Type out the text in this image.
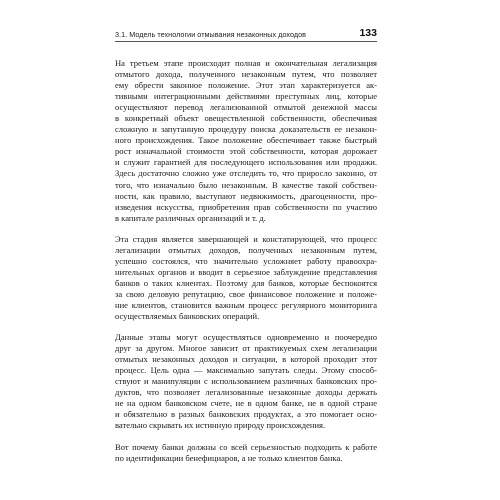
3.1. Модель технологии отмывания незаконных доходов	133
На третьем этапе происходит полная и окончательная легализация
отмытого дохода, полученного незаконным путем, что позволяет
ему обрести законное положение. Этот этап характеризуется ак-
тивными интеграционными действиями преступных лиц, которые
осуществляют перевод легализованной отмытой денежной массы
в конкретный объект овеществленной собственности, обеспечивая
сложную и запутанную процедуру поиска доказательств ее незакон-
ного происхождения. Такое положение обеспечивает также быстрый
рост изначальной стоимости этой собственности, которая дорожает
и служит гарантией для последующего использования или продажи.
Здесь достаточно сложно уже отследить то, что приросло законно, от
того, что изначально было незаконным. В качестве такой собствен-
ности, как правило, выступают недвижимость, драгоценности, про-
изведения искусства, приобретения прав собственности по участию
в капитале различных организаций и т. д.
Эта стадия является завершающей и констатирующей, что процесс
легализации отмытых доходов, полученных незаконным путем,
успешно состоялся, что значительно усложняет работу правоохра-
нительных органов и вводит в серьезное заблуждение представления
банков о таких клиентах. Поэтому для банков, которые беспокоятся
за свою деловую репутацию, свое финансовое положение и положе-
ние клиентов, становится важным процесс регулярного мониторинга
осуществляемых банковских операций.
Данные этапы могут осуществляться одновременно и поочередно
друг за другом. Многое зависит от практикуемых схем легализации
отмытых незаконных доходов и ситуации, в которой проходит этот
процесс. Цель одна — максимально запутать следы. Этому способ-
ствуют и манипуляции с использованием различных банковских про-
дуктов, что позволяет легализованные незаконные доходы держать
не на одном банковском счете, не в одном банке, не в одной стране
и обязательно в разных банковских продуктах, а это помогает осно-
вательно скрывать их истинную природу происхождения.
Вот почему банки должны со всей серьезностью подходить к работе
по идентификации бенефициаров, а не только клиентов банка.
